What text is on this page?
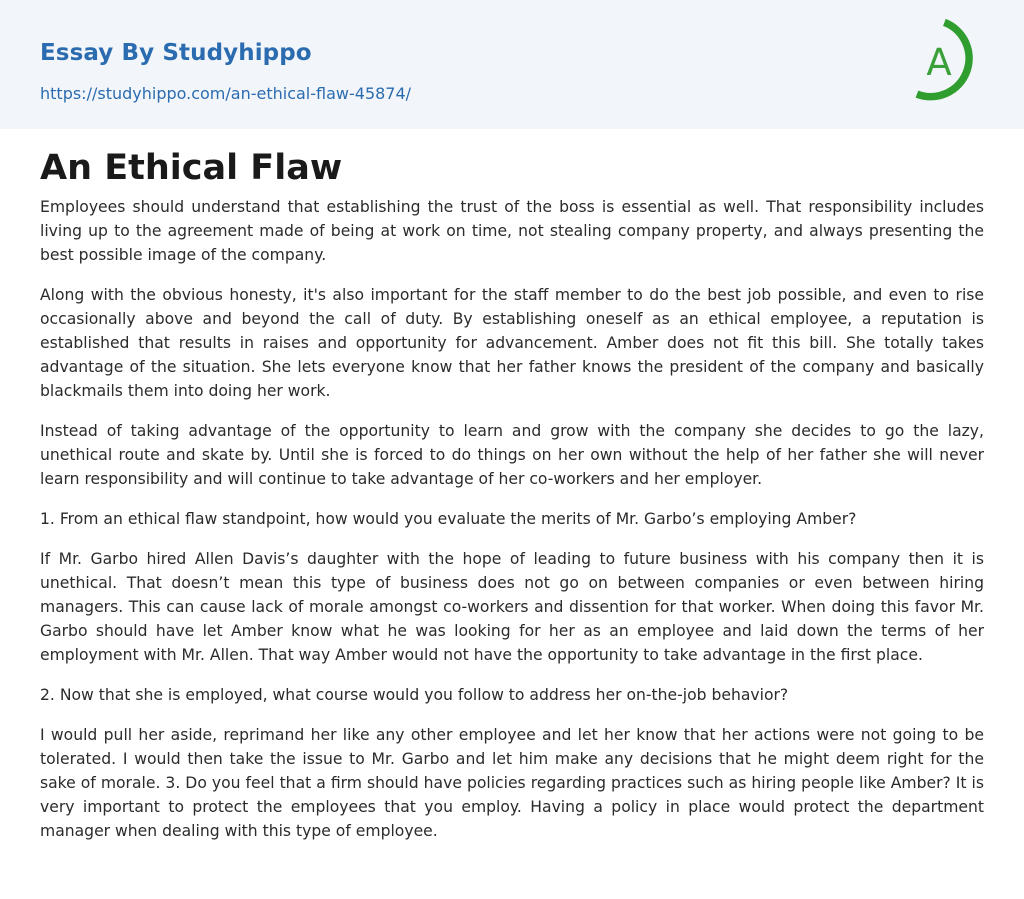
Essay By Studyhippo
https://studyhippo.com/an-ethical-flaw-45874/
A
An Ethical Flaw

Employees should understand that establishing the trust of the boss is essential as well. That responsibility includes living up to the agreement made of being at work on time, not stealing company property, and always presenting the best possible image of the company.

Along with the obvious honesty, it's also important for the staff member to do the best job possible, and even to rise occasionally above and beyond the call of duty. By establishing oneself as an ethical employee, a reputation is established that results in raises and opportunity for advancement. Amber does not fit this bill. She totally takes advantage of the situation. She lets everyone know that her father knows the president of the company and basically blackmails them into doing her work.

Instead of taking advantage of the opportunity to learn and grow with the company she decides to go the lazy, unethical route and skate by. Until she is forced to do things on her own without the help of her father she will never learn responsibility and will continue to take advantage of her co-workers and her employer.

1. From an ethical flaw standpoint, how would you evaluate the merits of Mr. Garbo’s employing Amber?

If Mr. Garbo hired Allen Davis’s daughter with the hope of leading to future business with his company then it is unethical. That doesn’t mean this type of business does not go on between companies or even between hiring managers. This can cause lack of morale amongst co-workers and dissention for that worker. When doing this favor Mr. Garbo should have let Amber know what he was looking for her as an employee and laid down the terms of her employment with Mr. Allen. That way Amber would not have the opportunity to take advantage in the first place.

2. Now that she is employed, what course would you follow to address her on-the-job behavior?

I would pull her aside, reprimand her like any other employee and let her know that her actions were not going to be tolerated. I would then take the issue to Mr. Garbo and let him make any decisions that he might deem right for the sake of morale. 3. Do you feel that a firm should have policies regarding practices such as hiring people like Amber? It is very important to protect the employees that you employ. Having a policy in place would protect the department manager when dealing with this type of employee.
